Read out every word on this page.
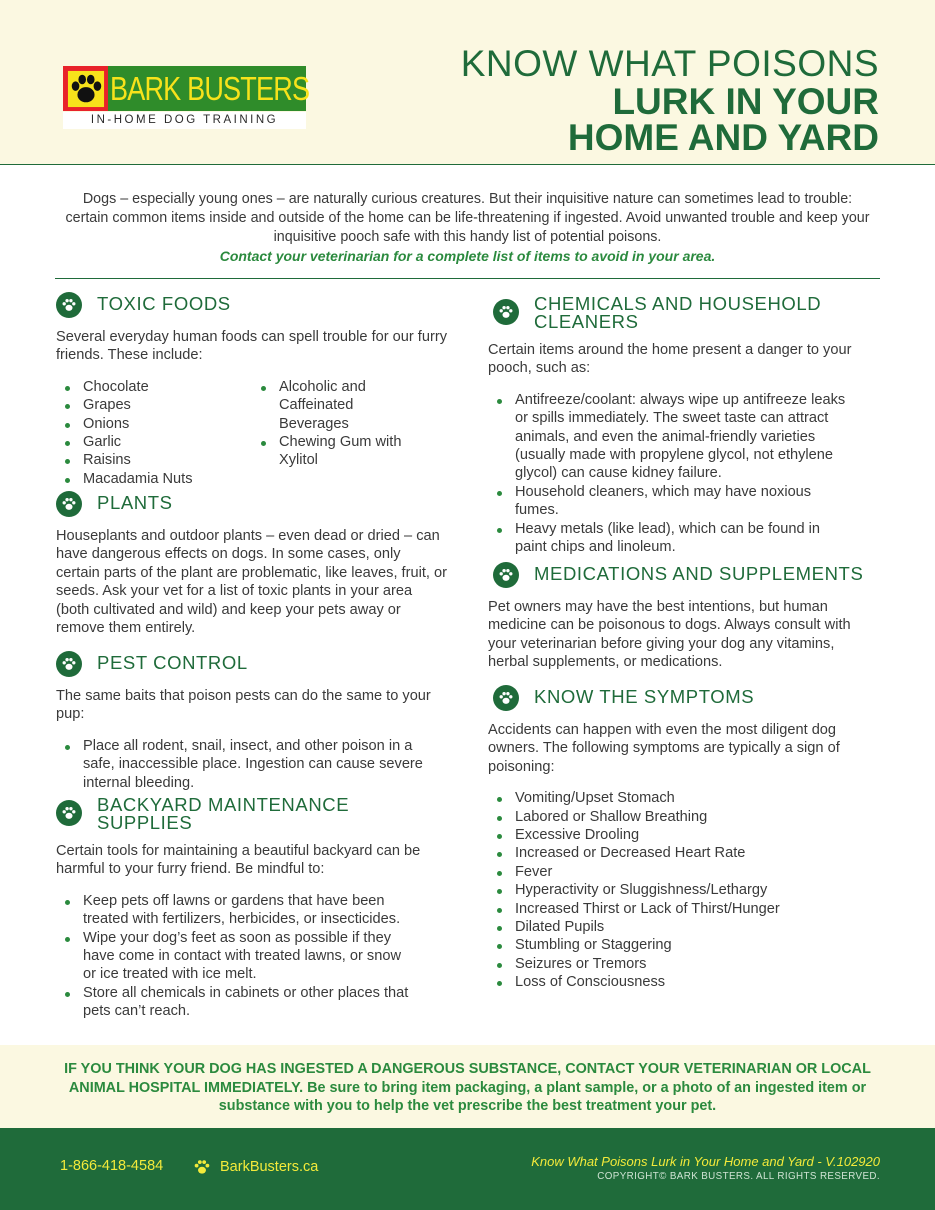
BARK BUSTERS
IN-HOME DOG TRAINING
KNOW WHAT POISONS
LURK IN YOUR
HOME AND YARD

Dogs – especially young ones – are naturally curious creatures. But their inquisitive nature can sometimes lead to trouble: certain common items inside and outside of the home can be life-threatening if ingested. Avoid unwanted trouble and keep your inquisitive pooch safe with this handy list of potential poisons.

Contact your veterinarian for a complete list of items to avoid in your area.

TOXIC FOODS

Several everyday human foods can spell trouble for our furry friends. These include:

Chocolate
Grapes
Onions
Garlic
Raisins
Macadamia Nuts
Alcoholic and Caffeinated Beverages
Chewing Gum with Xylitol
PLANTS

Houseplants and outdoor plants – even dead or dried – can have dangerous effects on dogs. In some cases, only certain parts of the plant are problematic, like leaves, fruit, or seeds. Ask your vet for a list of toxic plants in your area (both cultivated and wild) and keep your pets away or remove them entirely.

PEST CONTROL

The same baits that poison pests can do the same to your pup:

Place all rodent, snail, insect, and other poison in a safe, inaccessible place. Ingestion can cause severe internal bleeding.
BACKYARD MAINTENANCE
SUPPLIES

Certain tools for maintaining a beautiful backyard can be harmful to your furry friend. Be mindful to:

Keep pets off lawns or gardens that have been treated with fertilizers, herbicides, or insecticides.
Wipe your dog’s feet as soon as possible if they have come in contact with treated lawns, or snow or ice treated with ice melt.
Store all chemicals in cabinets or other places that pets can’t reach.
CHEMICALS AND HOUSEHOLD
CLEANERS

Certain items around the home present a danger to your pooch, such as:

Antifreeze/coolant: always wipe up antifreeze leaks or spills immediately. The sweet taste can attract animals, and even the animal-friendly varieties (usually made with propylene glycol, not ethylene glycol) can cause kidney failure.
Household cleaners, which may have noxious fumes.
Heavy metals (like lead), which can be found in paint chips and linoleum.
MEDICATIONS AND SUPPLEMENTS

Pet owners may have the best intentions, but human medicine can be poisonous to dogs. Always consult with your veterinarian before giving your dog any vitamins, herbal supplements, or medications.

KNOW THE SYMPTOMS

Accidents can happen with even the most diligent dog owners. The following symptoms are typically a sign of poisoning:

Vomiting/Upset Stomach
Labored or Shallow Breathing
Excessive Drooling
Increased or Decreased Heart Rate
Fever
Hyperactivity or Sluggishness/Lethargy
Increased Thirst or Lack of Thirst/Hunger
Dilated Pupils
Stumbling or Staggering
Seizures or Tremors
Loss of Consciousness

IF YOU THINK YOUR DOG HAS INGESTED A DANGEROUS SUBSTANCE, CONTACT YOUR VETERINARIAN OR LOCAL ANIMAL HOSPITAL IMMEDIATELY. Be sure to bring item packaging, a plant sample, or a photo of an ingested item or substance with you to help the vet prescribe the best treatment your pet.

1-866-418-4584	BarkBusters.ca	Know What Poisons Lurk in Your Home and Yard - V.102920
COPYRIGHT© BARK BUSTERS. ALL RIGHTS RESERVED.
